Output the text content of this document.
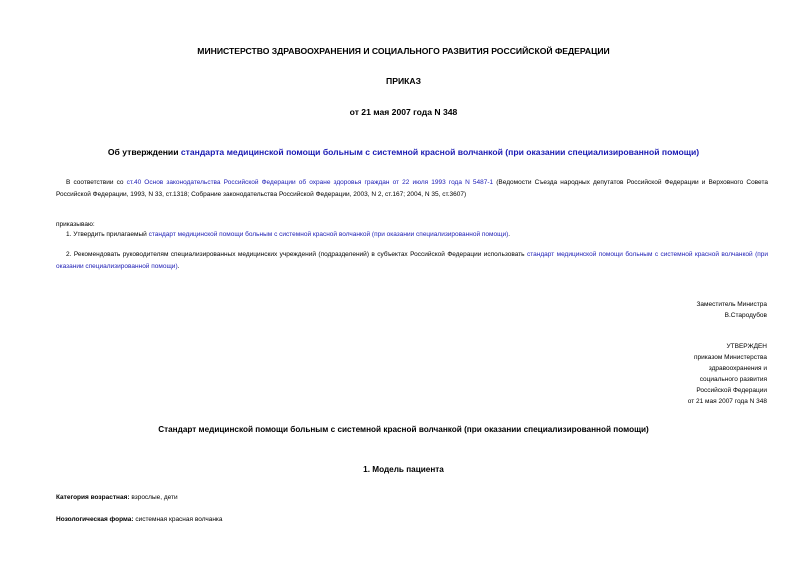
МИНИСТЕРСТВО ЗДРАВООХРАНЕНИЯ И СОЦИАЛЬНОГО РАЗВИТИЯ РОССИЙСКОЙ ФЕДЕРАЦИИ
ПРИКАЗ
от 21 мая 2007 года N 348
Об утверждении стандарта медицинской помощи больным с системной красной волчанкой (при оказании специализированной помощи)
В соответствии со ст.40 Основ законодательства Российской Федерации об охране здоровья граждан от 22 июля 1993 года N 5487-1 (Ведомости Съезда народных депутатов Российской Федерации и Верховного Совета Российской Федерации, 1993, N 33, ст.1318; Собрание законодательства Российской Федерации, 2003, N 2, ст.167; 2004, N 35, ст.3607)
приказываю:
1. Утвердить прилагаемый стандарт медицинской помощи больным с системной красной волчанкой (при оказании специализированной помощи).
2. Рекомендовать руководителям специализированных медицинских учреждений (подразделений) в субъектах Российской Федерации использовать стандарт медицинской помощи больным с системной красной волчанкой (при оказании специализированной помощи).
Заместитель Министра
В.Стародубов
УТВЕРЖДЕН
приказом Министерства
здравоохранения и
социального развития
Российской Федерации
от 21 мая 2007 года N 348
Стандарт медицинской помощи больным с системной красной волчанкой (при оказании специализированной помощи)
1. Модель пациента
Категория возрастная: взрослые, дети
Нозологическая форма: системная красная волчанка
